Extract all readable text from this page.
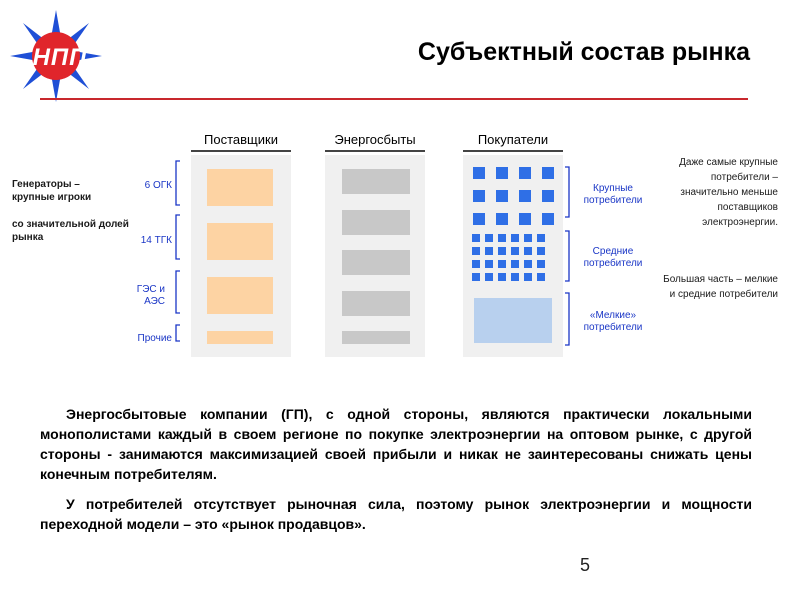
НПП	Субъектный состав рынка
Поставщики	Энергосбыты	Покупатели
6 ОГК
14 ТГК
ГЭС и АЭС
Прочие
Генераторы – крупные игроки
со значительной долей рынка
Крупные потребители
Средние потребители
«Мелкие» потребители
Даже самые крупные потребители – значительно меньше поставщиков электроэнергии.
Большая часть – мелкие и средние потребители

Энергосбытовые компании (ГП), с одной стороны, являются практически локальными монополистами каждый в своем регионе по покупке электроэнергии на оптовом рынке, с другой стороны - занимаются максимизацией своей прибыли и никак не заинтересованы снижать цены конечным потребителям.

У потребителей отсутствует рыночная сила, поэтому рынок электроэнергии и мощности переходной модели – это «рынок продавцов».

5
